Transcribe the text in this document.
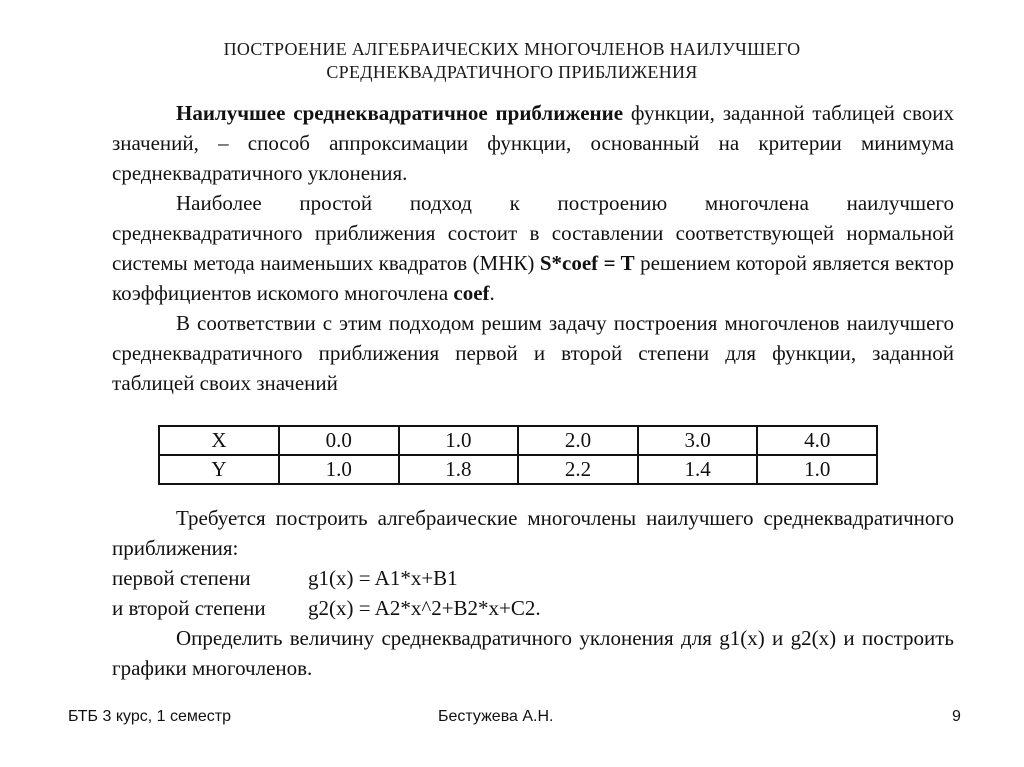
ПОСТРОЕНИЕ АЛГЕБРАИЧЕСКИХ МНОГОЧЛЕНОВ НАИЛУЧШЕГО
СРЕДНЕКВАДРАТИЧНОГО ПРИБЛИЖЕНИЯ

Наилучшее среднеквадратичное приближение функции, заданной таблицей своих значений, – способ аппроксимации функции, основанный на критерии минимума среднеквадратичного уклонения.

Наиболее простой подход к построению многочлена наилучшего среднеквадратичного приближения состоит в составлении соответствующей нормальной системы метода наименьших квадратов (МНК) S*coef = T решением которой является вектор коэффициентов искомого многочлена coef.

В соответствии с этим подходом решим задачу построения многочленов наилучшего среднеквадратичного приближения первой и второй степени для функции, заданной таблицей своих значений

X	0.0	1.0	2.0	3.0	4.0
Y	1.0	1.8	2.2	1.4	1.0

Требуется построить алгебраические многочлены наилучшего среднеквадратичного приближения:

первой степени	g1(x) = A1*x+B1
и второй степени g2(x) = A2*x^2+B2*x+C2.

Определить величину среднеквадратичного уклонения для g1(x) и g2(x) и построить графики многочленов.

БТБ 3 курс, 1 семестр	Бестужева А.Н.	9
